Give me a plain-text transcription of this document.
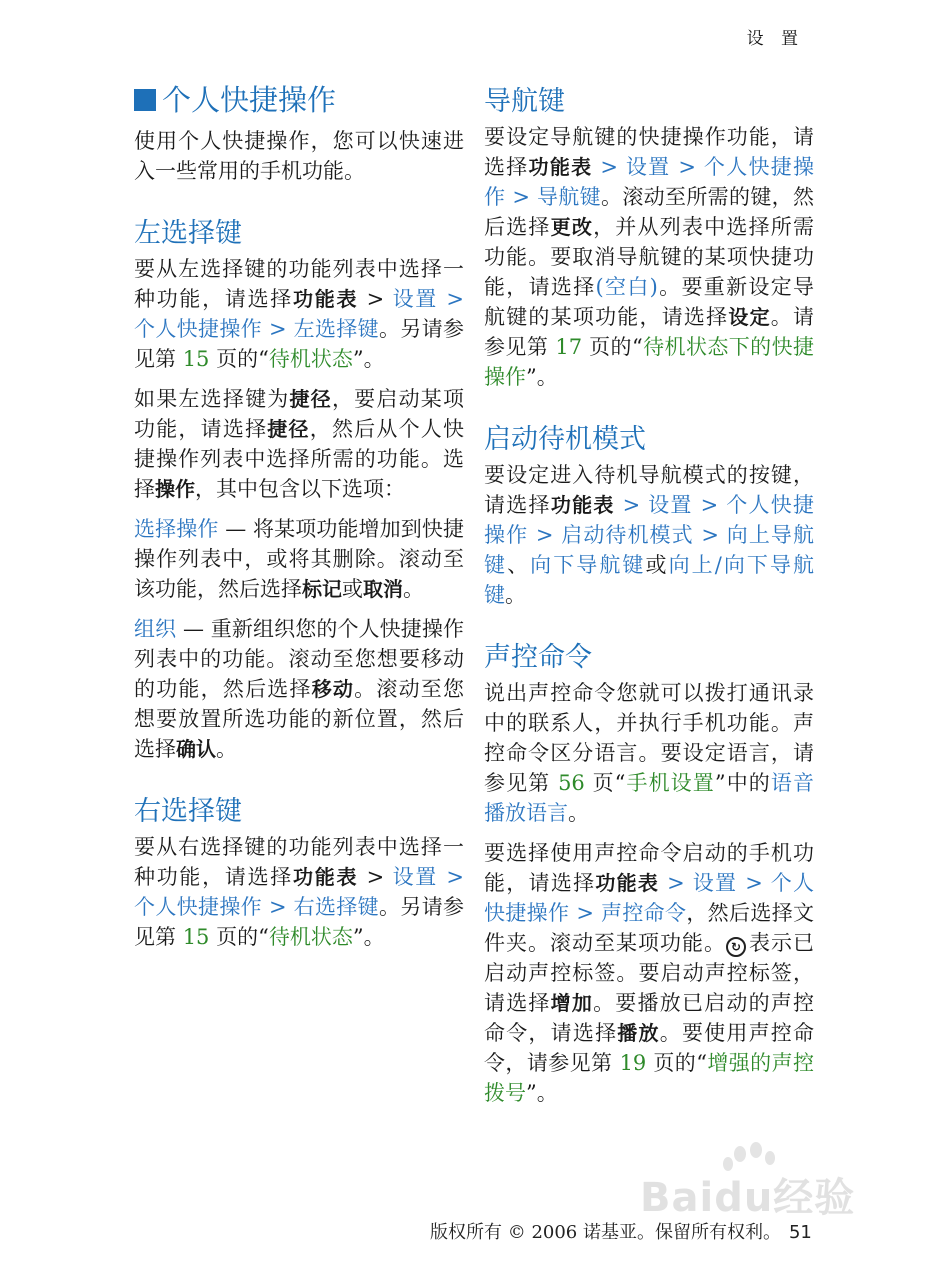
设 置
个人快捷操作

使用个人快捷操作，您可以快速进入一些常用的手机功能。

左选择键

要从左选择键的功能列表中选择一种功能，请选择功能表 > 设置 > 个人快捷操作 > 左选择键。另请参见第 15 页的“待机状态”。

如果左选择键为捷径，要启动某项功能，请选择捷径，然后从个人快捷操作列表中选择所需的功能。选择操作，其中包含以下选项：

选择操作 — 将某项功能增加到快捷操作列表中，或将其删除。滚动至该功能，然后选择标记或取消。

组织 — 重新组织您的个人快捷操作列表中的功能。滚动至您想要移动的功能，然后选择移动。滚动至您想要放置所选功能的新位置，然后选择确认。

右选择键

要从右选择键的功能列表中选择一种功能，请选择功能表 > 设置 > 个人快捷操作 > 右选择键。另请参见第 15 页的“待机状态”。

导航键

要设定导航键的快捷操作功能，请选择功能表 > 设置 > 个人快捷操作 > 导航键。滚动至所需的键，然后选择更改，并从列表中选择所需功能。要取消导航键的某项快捷功能，请选择(空白)。要重新设定导航键的某项功能，请选择设定。请参见第 17 页的“待机状态下的快捷操作”。

启动待机模式

要设定进入待机导航模式的按键，请选择功能表 > 设置 > 个人快捷操作 > 启动待机模式 > 向上导航键、向下导航键或向上/向下导航键。

声控命令

说出声控命令您就可以拨打通讯录中的联系人，并执行手机功能。声控命令区分语言。要设定语言，请参见第 56 页“手机设置”中的语音播放语言。

要选择使用声控命令启动的手机功能，请选择功能表 > 设置 > 个人快捷操作 > 声控命令，然后选择文件夹。滚动至某项功能。 ↻ 表示已启动声控标签。要启动声控标签，请选择增加。要播放已启动的声控命令，请选择播放。要使用声控命令，请参见第 19 页的“增强的声控拨号”。

Baidu经验
版权所有 © 2006 诺基亚。保留所有权利。 51
